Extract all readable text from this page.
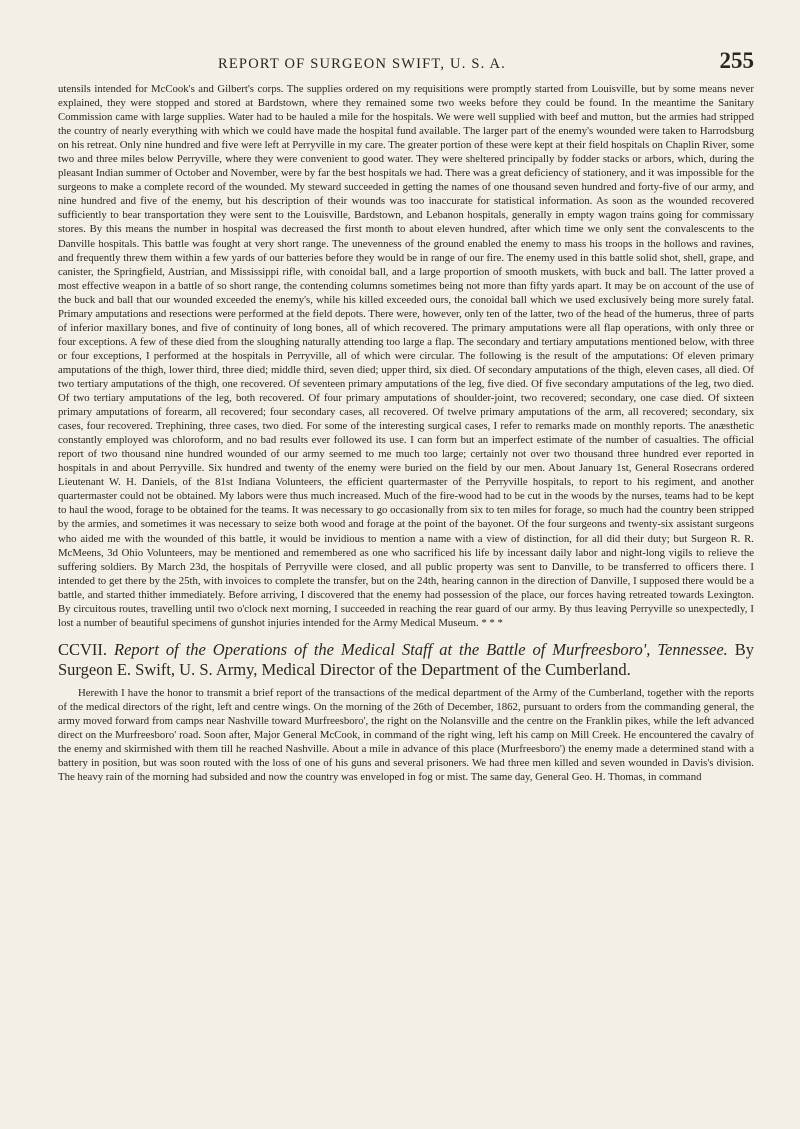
REPORT OF SURGEON SWIFT, U. S. A.	255

utensils intended for McCook's and Gilbert's corps. The supplies ordered on my requisitions were promptly started from Louisville, but by some means never explained, they were stopped and stored at Bardstown, where they remained some two weeks before they could be found. In the meantime the Sanitary Commission came with large supplies. Water had to be hauled a mile for the hospitals. We were well supplied with beef and mutton, but the armies had stripped the country of nearly everything with which we could have made the hospital fund available. The larger part of the enemy's wounded were taken to Harrodsburg on his retreat. Only nine hundred and five were left at Perryville in my care. The greater portion of these were kept at their field hospitals on Chaplin River, some two and three miles below Perryville, where they were convenient to good water. They were sheltered principally by fodder stacks or arbors, which, during the pleasant Indian summer of October and November, were by far the best hospitals we had. There was a great deficiency of stationery, and it was impossible for the surgeons to make a complete record of the wounded. My steward succeeded in getting the names of one thousand seven hundred and forty-five of our army, and nine hundred and five of the enemy, but his description of their wounds was too inaccurate for statistical information. As soon as the wounded recovered sufficiently to bear transportation they were sent to the Louisville, Bardstown, and Lebanon hospitals, generally in empty wagon trains going for commissary stores. By this means the number in hospital was decreased the first month to about eleven hundred, after which time we only sent the convalescents to the Danville hospitals. This battle was fought at very short range. The unevenness of the ground enabled the enemy to mass his troops in the hollows and ravines, and frequently threw them within a few yards of our batteries before they would be in range of our fire. The enemy used in this battle solid shot, shell, grape, and canister, the Springfield, Austrian, and Mississippi rifle, with conoidal ball, and a large proportion of smooth muskets, with buck and ball. The latter proved a most effective weapon in a battle of so short range, the contending columns sometimes being not more than fifty yards apart. It may be on account of the use of the buck and ball that our wounded exceeded the enemy's, while his killed exceeded ours, the conoidal ball which we used exclusively being more surely fatal. Primary amputations and resections were performed at the field depots. There were, however, only ten of the latter, two of the head of the humerus, three of parts of inferior maxillary bones, and five of continuity of long bones, all of which recovered. The primary amputations were all flap operations, with only three or four exceptions. A few of these died from the sloughing naturally attending too large a flap. The secondary and tertiary amputations mentioned below, with three or four exceptions, I performed at the hospitals in Perryville, all of which were circular. The following is the result of the amputations: Of eleven primary amputations of the thigh, lower third, three died; middle third, seven died; upper third, six died. Of secondary amputations of the thigh, eleven cases, all died. Of two tertiary amputations of the thigh, one recovered. Of seventeen primary amputations of the leg, five died. Of five secondary amputations of the leg, two died. Of two tertiary amputations of the leg, both recovered. Of four primary amputations of shoulder-joint, two recovered; secondary, one case died. Of sixteen primary amputations of forearm, all recovered; four secondary cases, all recovered. Of twelve primary amputations of the arm, all recovered; secondary, six cases, four recovered. Trephining, three cases, two died. For some of the interesting surgical cases, I refer to remarks made on monthly reports. The anæsthetic constantly employed was chloroform, and no bad results ever followed its use. I can form but an imperfect estimate of the number of casualties. The official report of two thousand nine hundred wounded of our army seemed to me much too large; certainly not over two thousand three hundred ever reported in hospitals in and about Perryville. Six hundred and twenty of the enemy were buried on the field by our men. About January 1st, General Rosecrans ordered Lieutenant W. H. Daniels, of the 81st Indiana Volunteers, the efficient quartermaster of the Perryville hospitals, to report to his regiment, and another quartermaster could not be obtained. My labors were thus much increased. Much of the fire-wood had to be cut in the woods by the nurses, teams had to be kept to haul the wood, forage to be obtained for the teams. It was necessary to go occasionally from six to ten miles for forage, so much had the country been stripped by the armies, and sometimes it was necessary to seize both wood and forage at the point of the bayonet. Of the four surgeons and twenty-six assistant surgeons who aided me with the wounded of this battle, it would be invidious to mention a name with a view of distinction, for all did their duty; but Surgeon R. R. McMeens, 3d Ohio Volunteers, may be mentioned and remembered as one who sacrificed his life by incessant daily labor and night-long vigils to relieve the suffering soldiers. By March 23d, the hospitals of Perryville were closed, and all public property was sent to Danville, to be transferred to officers there. I intended to get there by the 25th, with invoices to complete the transfer, but on the 24th, hearing cannon in the direction of Danville, I supposed there would be a battle, and started thither immediately. Before arriving, I discovered that the enemy had possession of the place, our forces having retreated towards Lexington. By circuitous routes, travelling until two o'clock next morning, I succeeded in reaching the rear guard of our army. By thus leaving Perryville so unexpectedly, I lost a number of beautiful specimens of gunshot injuries intended for the Army Medical Museum. * * *

CCVII. Report of the Operations of the Medical Staff at the Battle of Murfreesboro', Tennessee. By Surgeon E. Swift, U. S. Army, Medical Director of the Department of the Cumberland.

Herewith I have the honor to transmit a brief report of the transactions of the medical department of the Army of the Cumberland, together with the reports of the medical directors of the right, left and centre wings. On the morning of the 26th of December, 1862, pursuant to orders from the commanding general, the army moved forward from camps near Nashville toward Murfreesboro', the right on the Nolansville and the centre on the Franklin pikes, while the left advanced direct on the Murfreesboro' road. Soon after, Major General McCook, in command of the right wing, left his camp on Mill Creek. He encountered the cavalry of the enemy and skirmished with them till he reached Nashville. About a mile in advance of this place (Murfreesboro') the enemy made a determined stand with a battery in position, but was soon routed with the loss of one of his guns and several prisoners. We had three men killed and seven wounded in Davis's division. The heavy rain of the morning had subsided and now the country was enveloped in fog or mist. The same day, General Geo. H. Thomas, in command
